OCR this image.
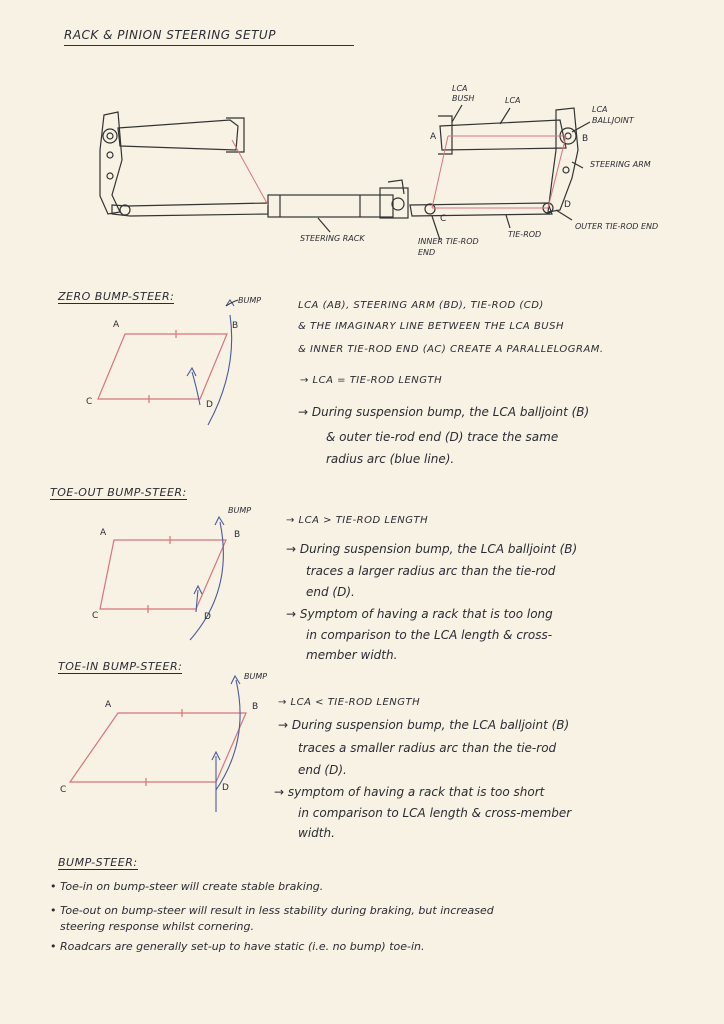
RACK & PINION STEERING SETUP
LCA BUSH	LCA
LCA BALLJOINT
STEERING ARM
OUTER TIE-ROD END
TIE-ROD
INNER TIE-ROD END
STEERING RACK
A	B
C
D
ZERO BUMP-STEER:	BUMP
A	B
C	D
LCA (AB), STEERING ARM (BD), TIE-ROD (CD)
& THE IMAGINARY LINE BETWEEN THE LCA BUSH
& INNER TIE-ROD END (AC) CREATE A PARALLELOGRAM.
→ LCA = TIE-ROD LENGTH
→ During suspension bump, the LCA balljoint (B)
& outer tie-rod end (D) trace the same
radius arc (blue line).
TOE-OUT BUMP-STEER:
BUMP
A	B
C	D
→ LCA > TIE-ROD LENGTH
→ During suspension bump, the LCA balljoint (B)
traces a larger radius arc than the tie-rod
end (D).
→ Symptom of having a rack that is too long
in comparison to the LCA length & cross-
member width.
TOE-IN BUMP-STEER:
BUMP
A	B
C	D
→ LCA < TIE-ROD LENGTH
→ During suspension bump, the LCA balljoint (B)
traces a smaller radius arc than the tie-rod
end (D).
→ symptom of having a rack that is too short
in comparison to LCA length & cross-member
width.
BUMP-STEER:
• Toe-in on bump-steer will create stable braking.
• Toe-out on bump-steer will result in less stability during braking, but increased
steering response whilst cornering.
• Roadcars are generally set-up to have static (i.e. no bump) toe-in.
